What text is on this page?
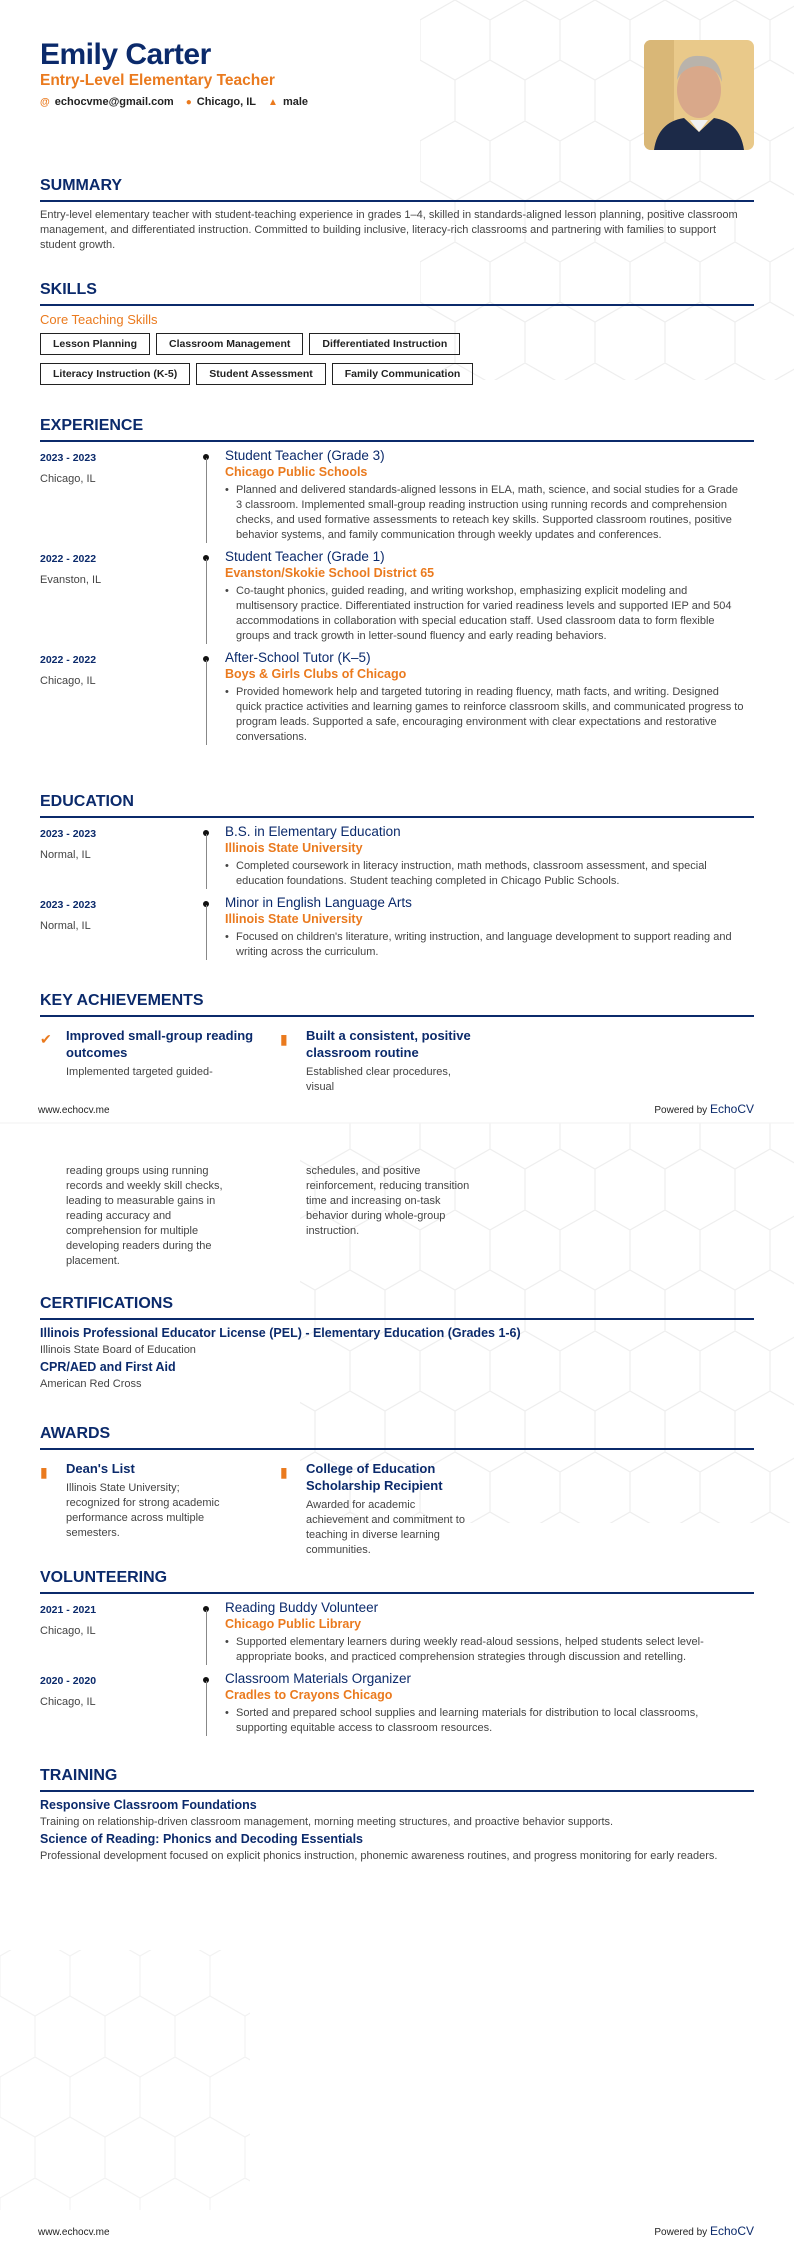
Emily Carter
Entry-Level Elementary Teacher
@ echocvme@gmail.com ● Chicago, IL ▲ male
SUMMARY
Entry-level elementary teacher with student-teaching experience in grades 1–4, skilled in standards-aligned lesson planning, positive classroom management, and differentiated instruction. Committed to building inclusive, literacy-rich classrooms and partnering with families to support student growth.
SKILLS
Core Teaching Skills
Lesson Planning	Classroom Management	Differentiated Instruction
Literacy Instruction (K-5)	Student Assessment	Family Communication
EXPERIENCE
2023 - 2023
Chicago, IL
Student Teacher (Grade 3)
Chicago Public Schools
• Planned and delivered standards-aligned lessons in ELA, math, science, and social studies for a Grade 3 classroom. Implemented small-group reading instruction using running records and comprehension checks, and used formative assessments to reteach key skills. Supported classroom routines, positive behavior systems, and family communication through weekly updates and conferences.
2022 - 2022
Evanston, IL
Student Teacher (Grade 1)
Evanston/Skokie School District 65
• Co-taught phonics, guided reading, and writing workshop, emphasizing explicit modeling and multisensory practice. Differentiated instruction for varied readiness levels and supported IEP and 504 accommodations in collaboration with special education staff. Used classroom data to form flexible groups and track growth in letter-sound fluency and early reading behaviors.
2022 - 2022
Chicago, IL
After-School Tutor (K–5)
Boys & Girls Clubs of Chicago
• Provided homework help and targeted tutoring in reading fluency, math facts, and writing. Designed quick practice activities and learning games to reinforce classroom skills, and communicated progress to program leads. Supported a safe, encouraging environment with clear expectations and restorative conversations.
EDUCATION
2023 - 2023
Normal, IL
B.S. in Elementary Education
Illinois State University
• Completed coursework in literacy instruction, math methods, classroom assessment, and special education foundations. Student teaching completed in Chicago Public Schools.
2023 - 2023
Normal, IL
Minor in English Language Arts
Illinois State University
• Focused on children's literature, writing instruction, and language development to support reading and writing across the curriculum.
KEY ACHIEVEMENTS
✔	Improved small-group reading outcomes
Implemented targeted guided-
▮	Built a consistent, positive classroom routine
Established clear procedures, visual
www.echocv.me	Powered by EchoCV
reading groups using running records and weekly skill checks, leading to measurable gains in reading accuracy and comprehension for multiple developing readers during the placement.
schedules, and positive reinforcement, reducing transition time and increasing on-task behavior during whole-group instruction.
CERTIFICATIONS
Illinois Professional Educator License (PEL) - Elementary Education (Grades 1-6)
Illinois State Board of Education
CPR/AED and First Aid
American Red Cross
AWARDS
▮	Dean's List
Illinois State University; recognized for strong academic performance across multiple semesters.
▮	College of Education Scholarship Recipient
Awarded for academic achievement and commitment to teaching in diverse learning communities.
VOLUNTEERING
2021 - 2021
Chicago, IL
Reading Buddy Volunteer
Chicago Public Library
• Supported elementary learners during weekly read-aloud sessions, helped students select level-appropriate books, and practiced comprehension strategies through discussion and retelling.
2020 - 2020
Chicago, IL
Classroom Materials Organizer
Cradles to Crayons Chicago
• Sorted and prepared school supplies and learning materials for distribution to local classrooms, supporting equitable access to classroom resources.
TRAINING
Responsive Classroom Foundations
Training on relationship-driven classroom management, morning meeting structures, and proactive behavior supports.
Science of Reading: Phonics and Decoding Essentials
Professional development focused on explicit phonics instruction, phonemic awareness routines, and progress monitoring for early readers.
www.echocv.me	Powered by EchoCV
